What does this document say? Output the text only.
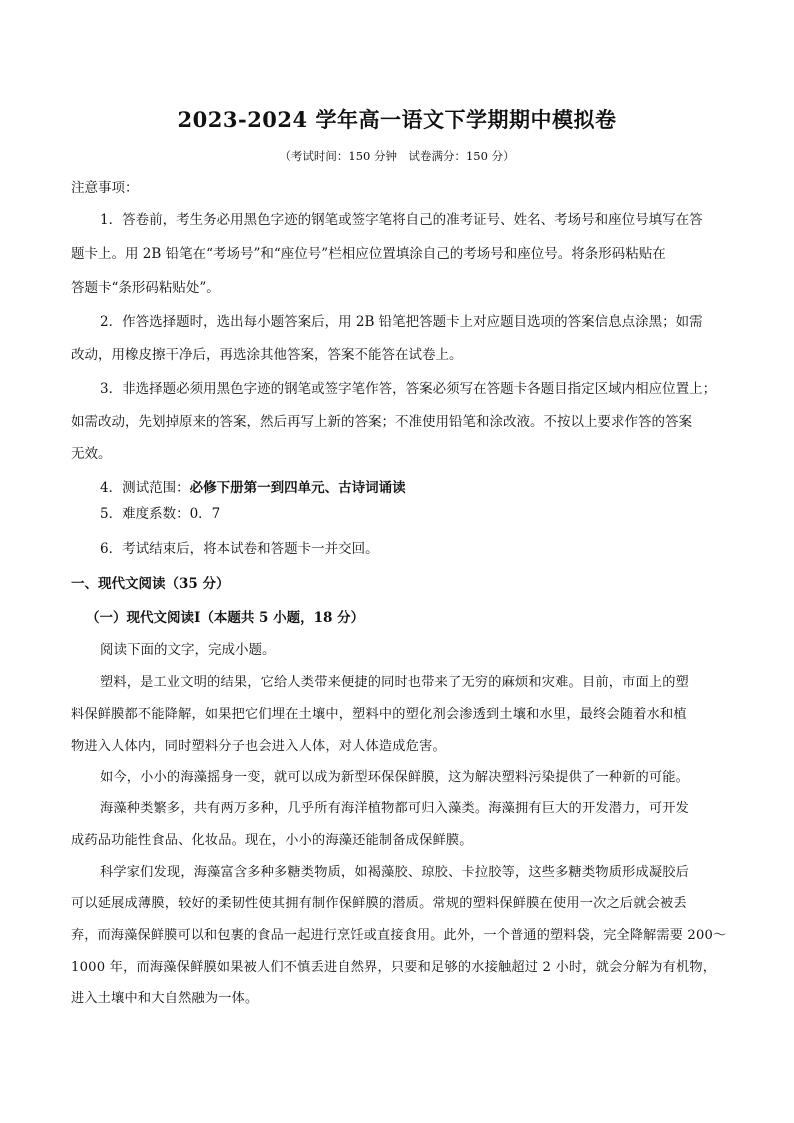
2023-2024 学年高一语文下学期期中模拟卷
（考试时间：150 分钟　试卷满分：150 分）
注意事项：
1．答卷前，考生务必用黑色字迹的钢笔或签字笔将自己的准考证号、姓名、考场号和座位号填写在答
题卡上。用 2B 铅笔在“考场号”和“座位号”栏相应位置填涂自己的考场号和座位号。将条形码粘贴在
答题卡“条形码粘贴处”。
2．作答选择题时，选出每小题答案后，用 2B 铅笔把答题卡上对应题目选项的答案信息点涂黑；如需
改动，用橡皮擦干净后，再选涂其他答案，答案不能答在试卷上。
3．非选择题必须用黑色字迹的钢笔或签字笔作答，答案必须写在答题卡各题目指定区域内相应位置上；
如需改动，先划掉原来的答案，然后再写上新的答案；不准使用铅笔和涂改液。不按以上要求作答的答案
无效。
4．测试范围：必修下册第一到四单元、古诗词诵读
5．难度系数：0．7
6．考试结束后，将本试卷和答题卡一并交回。
一、现代文阅读（35 分）
（一）现代文阅读Ⅰ（本题共 5 小题，18 分）
阅读下面的文字，完成小题。
塑料，是工业文明的结果，它给人类带来便捷的同时也带来了无穷的麻烦和灾难。目前，市面上的塑
料保鲜膜都不能降解，如果把它们埋在土壤中，塑料中的塑化剂会渗透到土壤和水里，最终会随着水和植
物进入人体内，同时塑料分子也会进入人体，对人体造成危害。
如今，小小的海藻摇身一变，就可以成为新型环保保鲜膜，这为解决塑料污染提供了一种新的可能。
海藻种类繁多，共有两万多种，几乎所有海洋植物都可归入藻类。海藻拥有巨大的开发潜力，可开发
成药品功能性食品、化妆品。现在，小小的海藻还能制备成保鲜膜。
科学家们发现，海藻富含多种多糖类物质，如褐藻胶、琼胶、卡拉胶等，这些多糖类物质形成凝胶后
可以延展成薄膜，较好的柔韧性使其拥有制作保鲜膜的潜质。常规的塑料保鲜膜在使用一次之后就会被丢
弃，而海藻保鲜膜可以和包裹的食品一起进行烹饪或直接食用。此外，一个普通的塑料袋，完全降解需要 200～
1000 年，而海藻保鲜膜如果被人们不慎丢进自然界，只要和足够的水接触超过 2 小时，就会分解为有机物，
进入土壤中和大自然融为一体。
